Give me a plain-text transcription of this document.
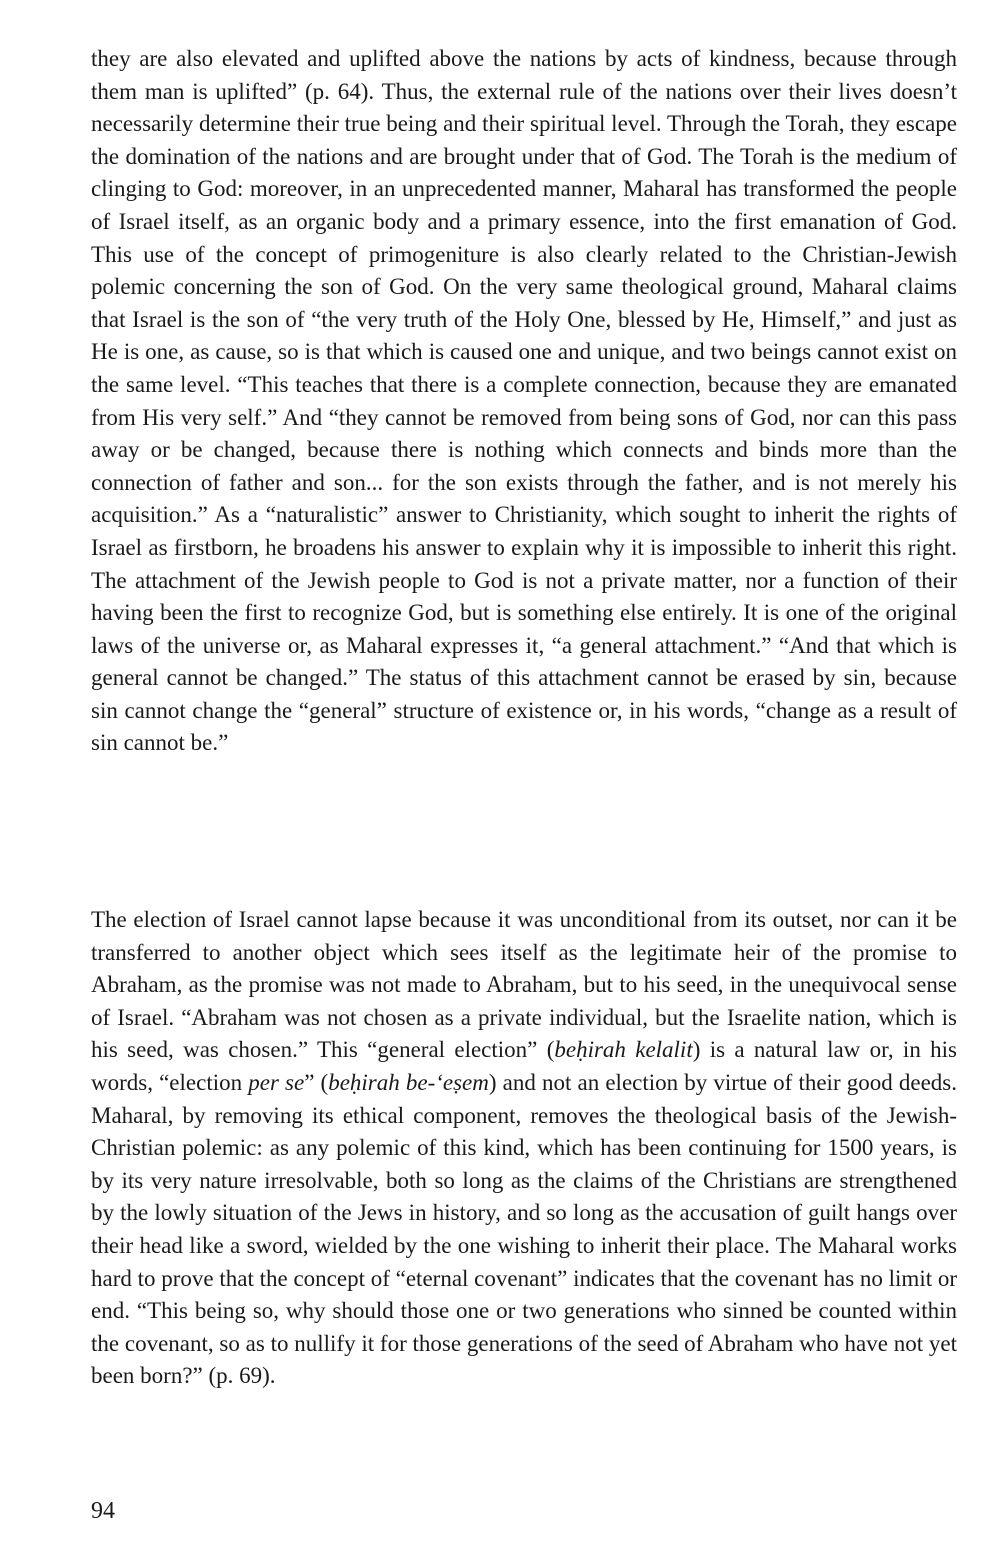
they are also elevated and uplifted above the nations by acts of kindness, because through them man is uplifted” (p. 64). Thus, the external rule of the nations over their lives doesn’t necessarily determine their true being and their spiritual level. Through the Torah, they escape the domination of the nations and are brought under that of God. The Torah is the medium of clinging to God: moreover, in an unprecedented manner, Maharal has transformed the people of Israel itself, as an organic body and a primary essence, into the first emanation of God. This use of the concept of primogeniture is also clearly related to the Christian-Jewish polemic concerning the son of God. On the very same theological ground, Maharal claims that Israel is the son of “the very truth of the Holy One, blessed by He, Himself,” and just as He is one, as cause, so is that which is caused one and unique, and two beings cannot exist on the same level. “This teaches that there is a complete connection, because they are emanated from His very self.” And “they cannot be removed from being sons of God, nor can this pass away or be changed, because there is nothing which connects and binds more than the connection of father and son... for the son exists through the father, and is not merely his acquisition.” As a “naturalistic” answer to Christianity, which sought to inherit the rights of Israel as firstborn, he broadens his answer to explain why it is impossible to inherit this right. The attachment of the Jewish people to God is not a private matter, nor a function of their having been the first to recognize God, but is something else entirely. It is one of the original laws of the universe or, as Maharal expresses it, “a general attachment.” “And that which is general cannot be changed.” The status of this attachment cannot be erased by sin, because sin cannot change the “general” structure of existence or, in his words, “change as a result of sin cannot be.”

The election of Israel cannot lapse because it was unconditional from its outset, nor can it be transferred to another object which sees itself as the legitimate heir of the promise to Abraham, as the promise was not made to Abraham, but to his seed, in the unequivocal sense of Israel. “Abraham was not chosen as a private individual, but the Israelite nation, which is his seed, was chosen.” This “general election” (beḥirah kelalit) is a natural law or, in his words, “election per se” (beḥirah be-‘eṣem) and not an election by virtue of their good deeds. Maharal, by removing its ethical component, removes the theological basis of the Jewish-Christian polemic: as any polemic of this kind, which has been continuing for 1500 years, is by its very nature irresolvable, both so long as the claims of the Christians are strengthened by the lowly situation of the Jews in history, and so long as the accusation of guilt hangs over their head like a sword, wielded by the one wishing to inherit their place. The Maharal works hard to prove that the concept of “eternal covenant” indicates that the covenant has no limit or end. “This being so, why should those one or two generations who sinned be counted within the covenant, so as to nullify it for those generations of the seed of Abraham who have not yet been born?” (p. 69).

94
